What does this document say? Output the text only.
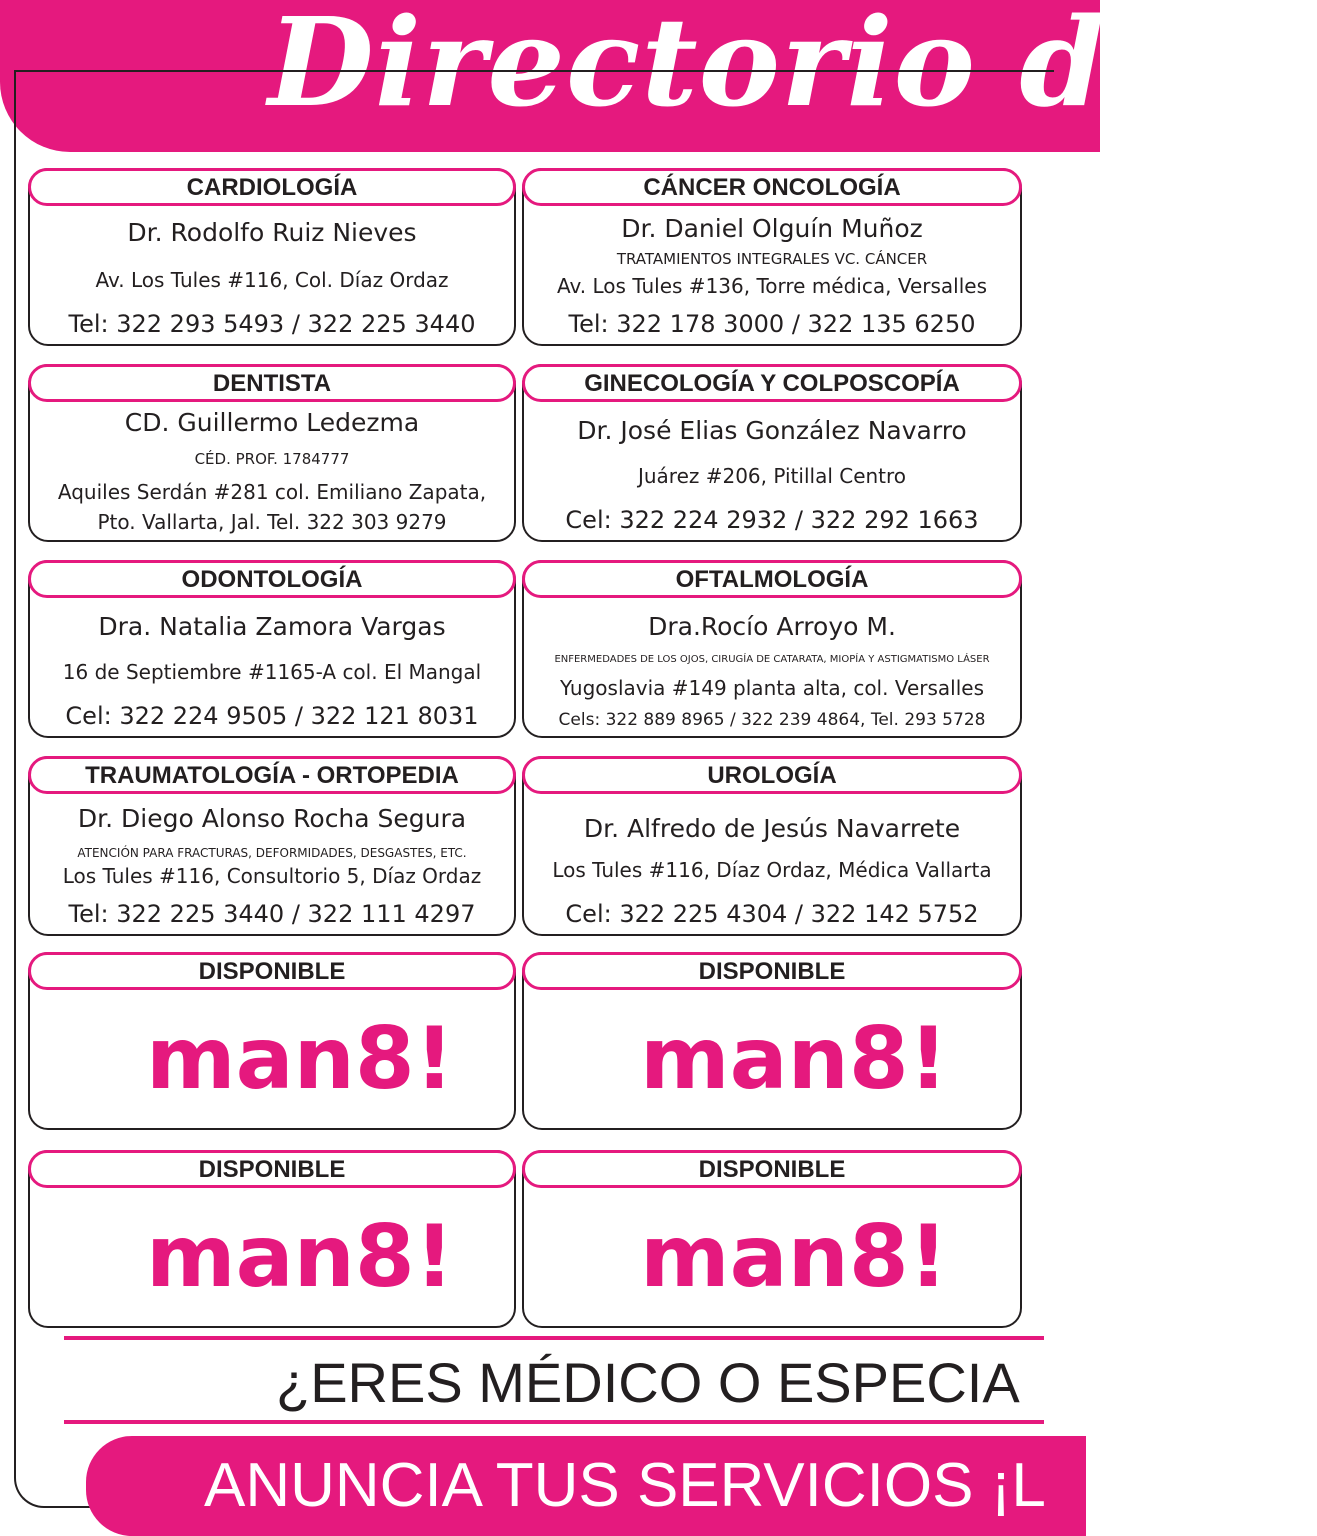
Directorio de S
CARDIOLOGÍA
Dr. Rodolfo Ruiz Nieves
Av. Los Tules #116, Col. Díaz Ordaz
Tel: 322 293 5493 / 322 225 3440
CÁNCER ONCOLOGÍA
Dr. Daniel Olguín Muñoz
TRATAMIENTOS INTEGRALES VC. CÁNCER
Av. Los Tules #136, Torre médica, Versalles
Tel: 322 178 3000 / 322 135 6250
DENTISTA
CD. Guillermo Ledezma
CÉD. PROF. 1784777
Aquiles Serdán #281 col. Emiliano Zapata,
Pto. Vallarta, Jal. Tel. 322 303 9279
GINECOLOGÍA Y COLPOSCOPÍA
Dr. José Elias González Navarro
Juárez #206, Pitillal Centro
Cel: 322 224 2932 / 322 292 1663
ODONTOLOGÍA
Dra. Natalia Zamora Vargas
16 de Septiembre #1165-A col. El Mangal
Cel: 322 224 9505 / 322 121 8031
OFTALMOLOGÍA
Dra.Rocío Arroyo M.
ENFERMEDADES DE LOS OJOS, CIRUGÍA DE CATARATA, MIOPÍA Y ASTIGMATISMO LÁSER
Yugoslavia #149 planta alta, col. Versalles
Cels: 322 889 8965 / 322 239 4864, Tel. 293 5728
TRAUMATOLOGÍA - ORTOPEDIA
Dr. Diego Alonso Rocha Segura
ATENCIÓN PARA FRACTURAS, DEFORMIDADES, DESGASTES, ETC.
Los Tules #116, Consultorio 5, Díaz Ordaz
Tel: 322 225 3440 / 322 111 4297
UROLOGÍA
Dr. Alfredo de Jesús Navarrete
Los Tules #116, Díaz Ordaz, Médica Vallarta
Cel: 322 225 4304 / 322 142 5752
DISPONIBLE
man8!
DISPONIBLE
man8!
DISPONIBLE
man8!
DISPONIBLE
man8!
¿ERES MÉDICO O ESPECIA
ANUNCIA TUS SERVICIOS ¡L
